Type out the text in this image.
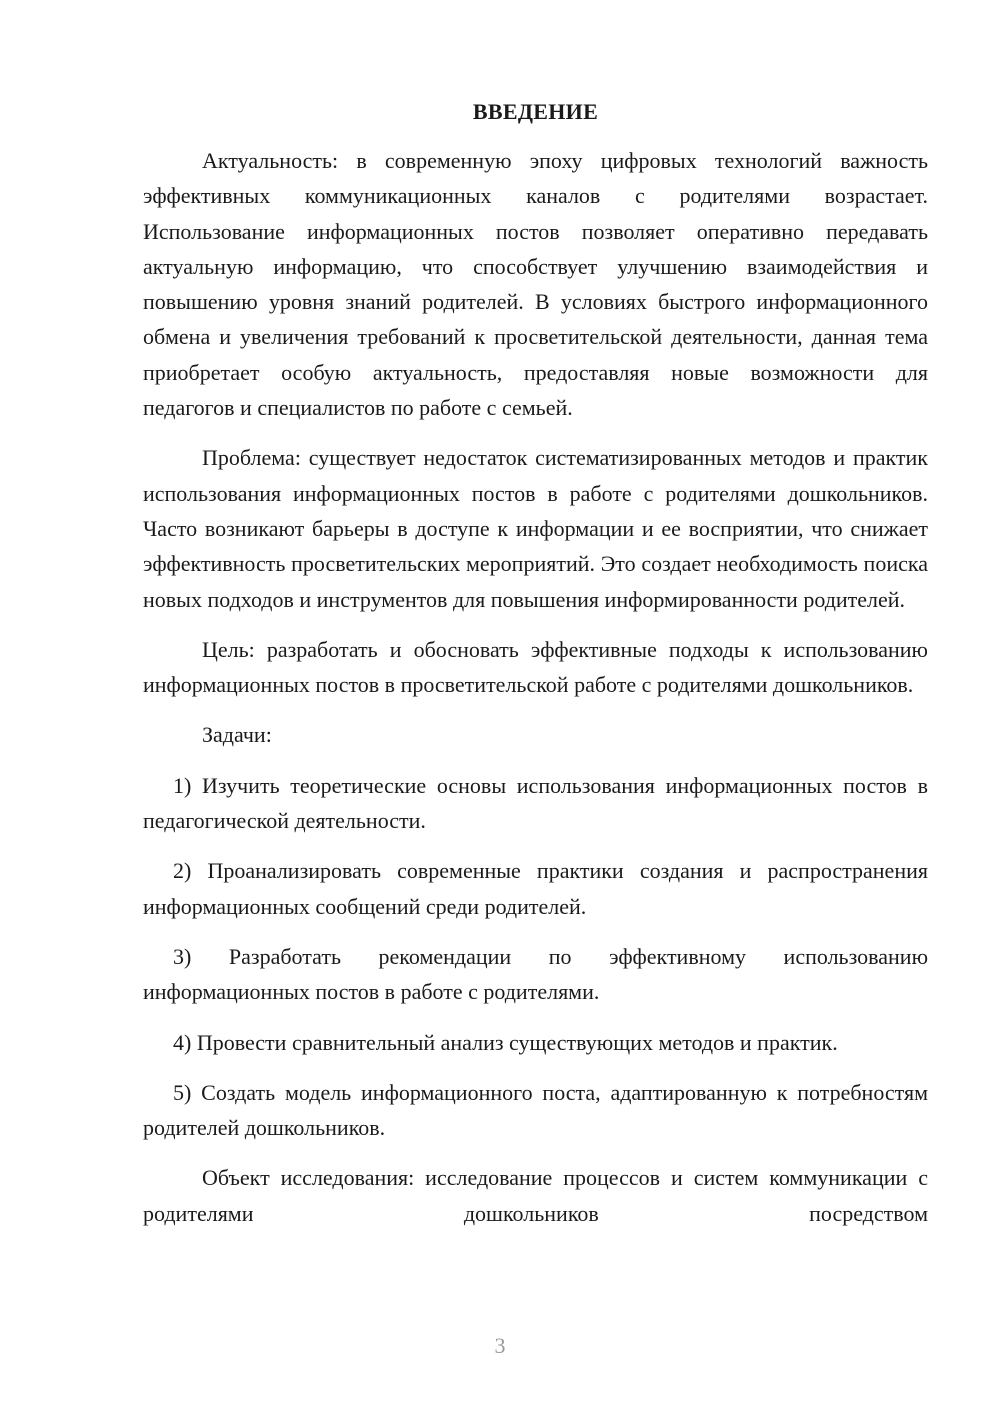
ВВЕДЕНИЕ

Актуальность: в современную эпоху цифровых технологий важность эффективных коммуникационных каналов с родителями возрастает. Использование информационных постов позволяет оперативно передавать актуальную информацию, что способствует улучшению взаимодействия и повышению уровня знаний родителей. В условиях быстрого информационного обмена и увеличения требований к просветительской деятельности, данная тема приобретает особую актуальность, предоставляя новые возможности для педагогов и специалистов по работе с семьей.

Проблема: существует недостаток систематизированных методов и практик использования информационных постов в работе с родителями дошкольников. Часто возникают барьеры в доступе к информации и ее восприятии, что снижает эффективность просветительских мероприятий. Это создает необходимость поиска новых подходов и инструментов для повышения информированности родителей.

Цель: разработать и обосновать эффективные подходы к использованию информационных постов в просветительской работе с родителями дошкольников.

Задачи:

1) Изучить теоретические основы использования информационных постов в педагогической деятельности.

2) Проанализировать современные практики создания и распространения информационных сообщений среди родителей.

3) Разработать рекомендации по эффективному использованию информационных постов в работе с родителями.

4) Провести сравнительный анализ существующих методов и практик.

5) Создать модель информационного поста, адаптированную к потребностям родителей дошкольников.

Объект исследования: исследование процессов и систем коммуникации с родителями дошкольников посредством

3
